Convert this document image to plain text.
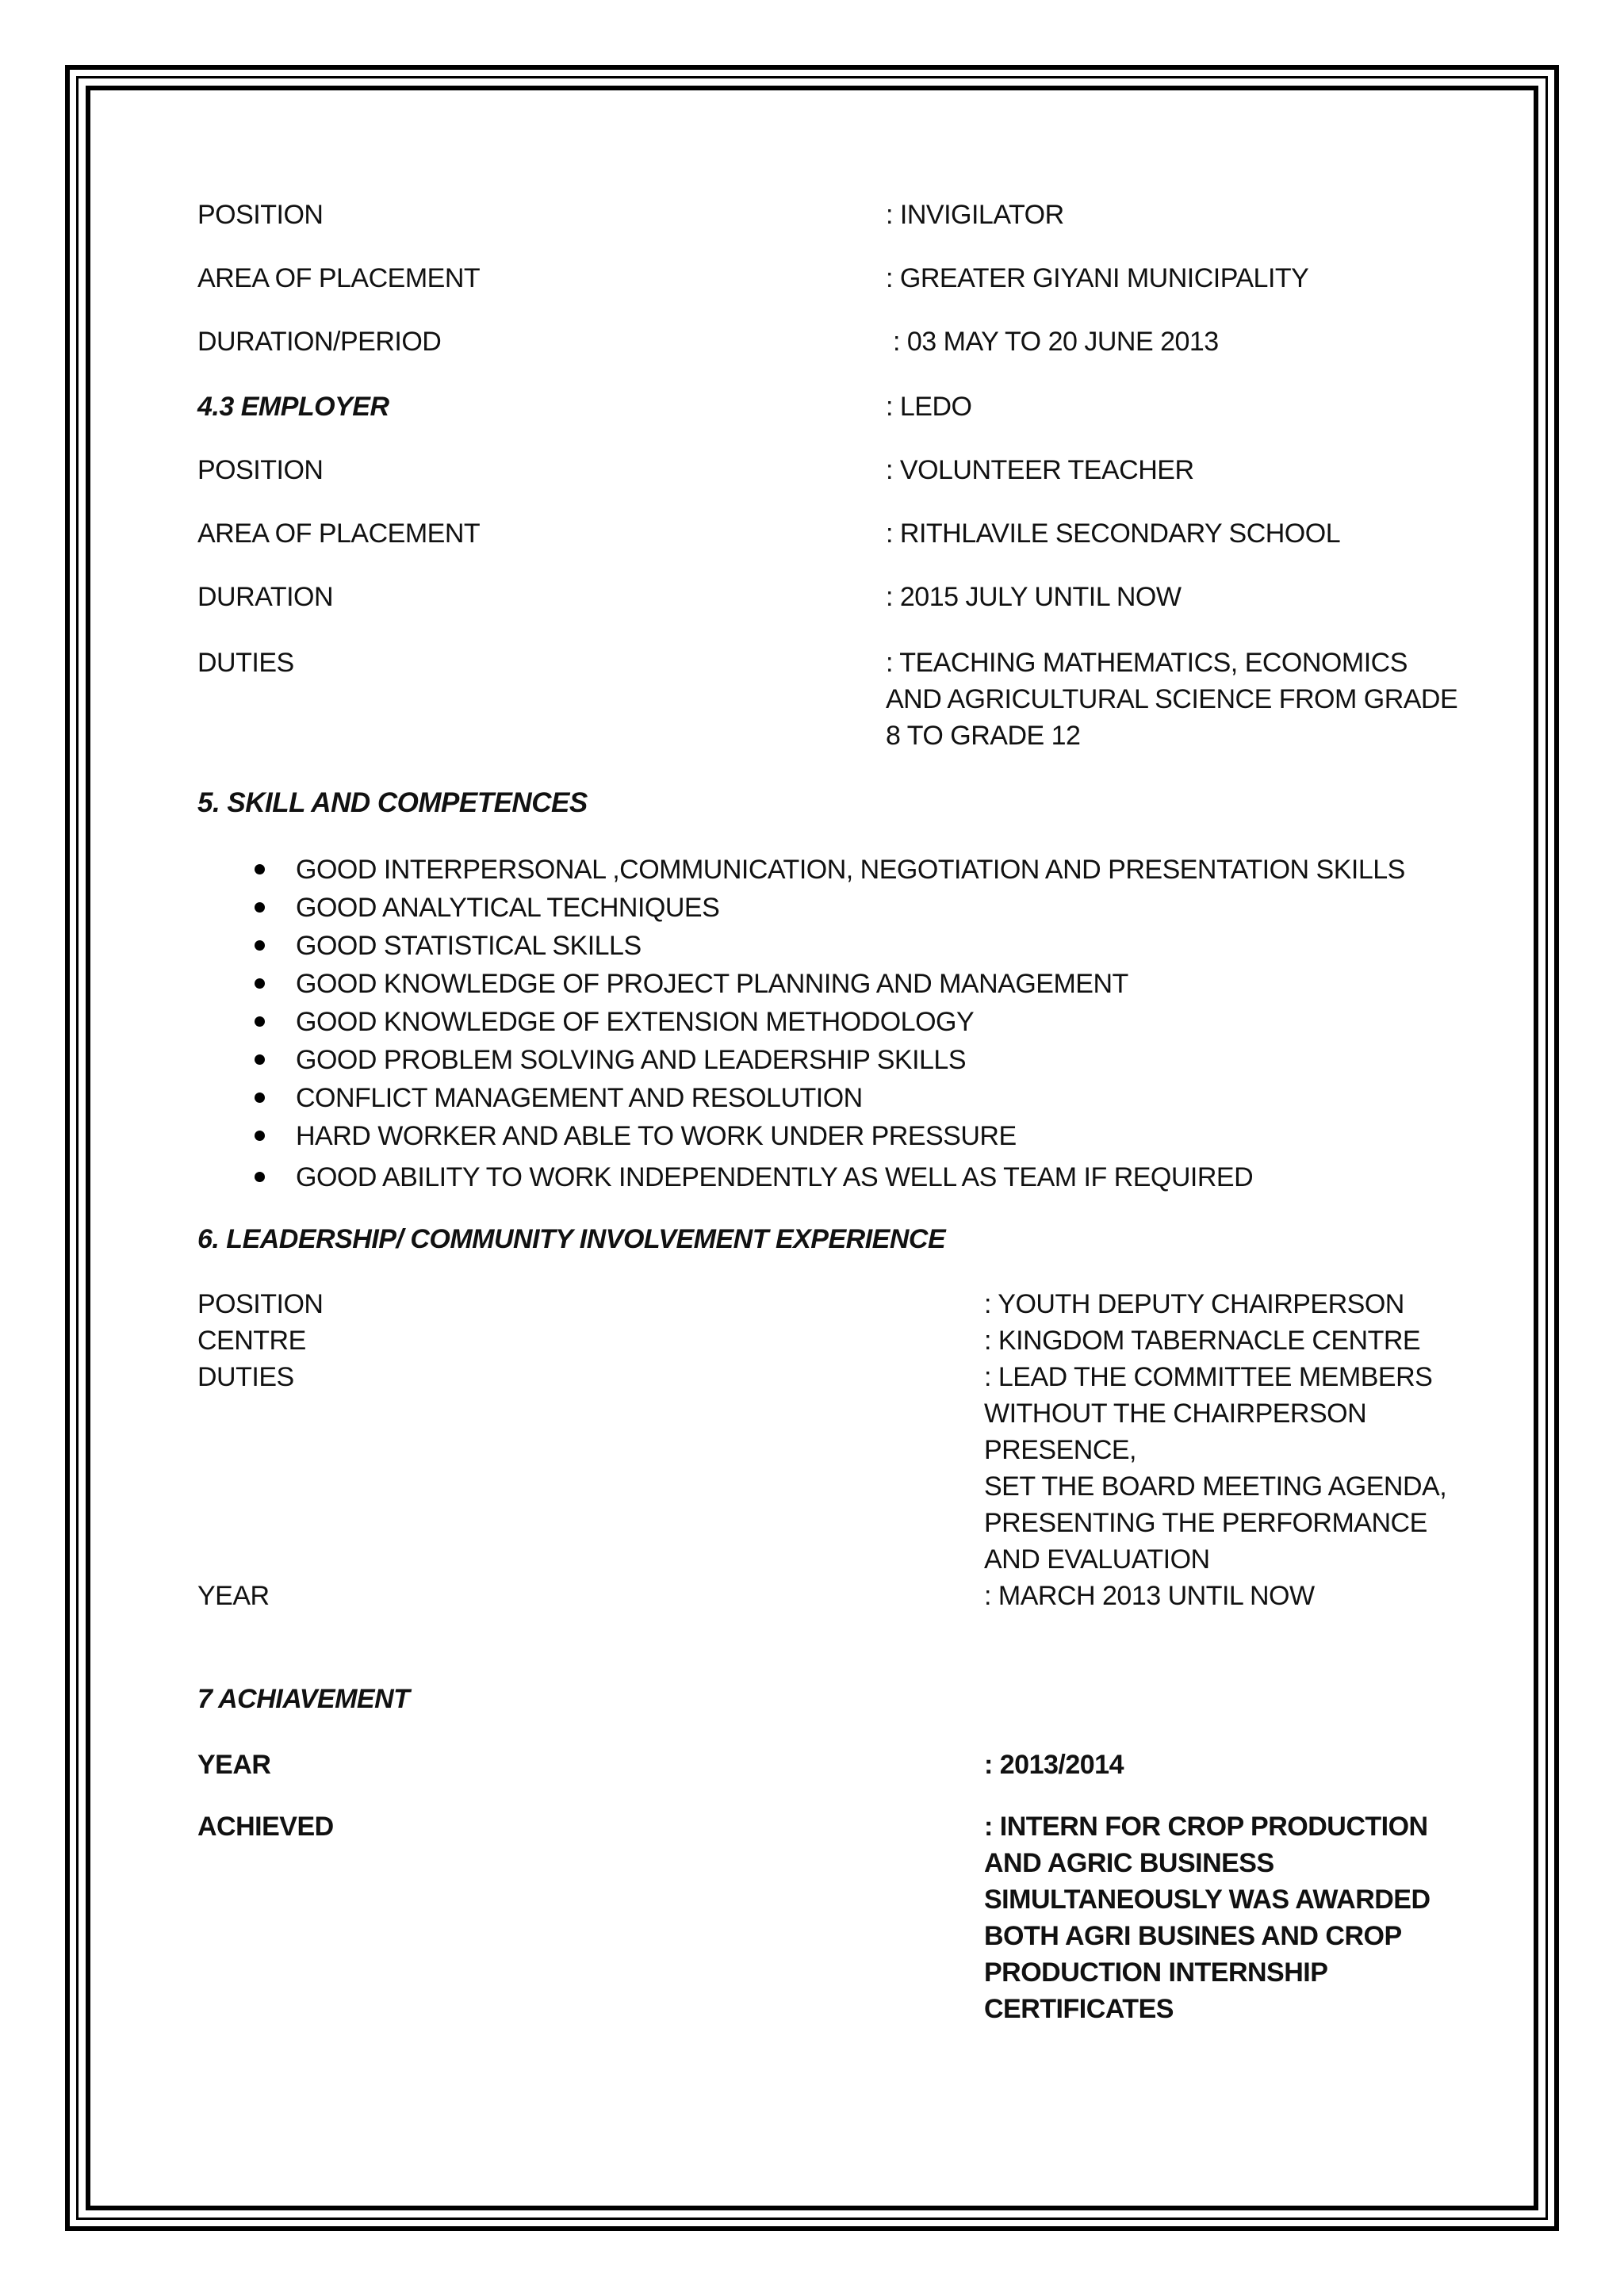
POSITION	: INVIGILATOR
AREA OF PLACEMENT	: GREATER GIYANI MUNICIPALITY
DURATION/PERIOD	: 03 MAY TO 20 JUNE 2013
4.3 EMPLOYER	: LEDO
POSITION	: VOLUNTEER TEACHER
AREA OF PLACEMENT	: RITHLAVILE SECONDARY SCHOOL
DURATION	: 2015 JULY UNTIL NOW
DUTIES	: TEACHING MATHEMATICS, ECONOMICS
AND AGRICULTURAL SCIENCE FROM GRADE
8 TO GRADE 12
5. SKILL AND COMPETENCES
GOOD INTERPERSONAL ,COMMUNICATION, NEGOTIATION AND PRESENTATION SKILLS
GOOD ANALYTICAL TECHNIQUES
GOOD STATISTICAL SKILLS
GOOD KNOWLEDGE OF PROJECT PLANNING AND MANAGEMENT
GOOD KNOWLEDGE OF EXTENSION METHODOLOGY
GOOD PROBLEM SOLVING AND LEADERSHIP SKILLS
CONFLICT MANAGEMENT AND RESOLUTION
HARD WORKER AND ABLE TO WORK UNDER PRESSURE
GOOD ABILITY TO WORK INDEPENDENTLY AS WELL AS TEAM IF REQUIRED
6. LEADERSHIP/ COMMUNITY INVOLVEMENT EXPERIENCE
POSITION	: YOUTH DEPUTY CHAIRPERSON
CENTRE	: KINGDOM TABERNACLE CENTRE
DUTIES	: LEAD THE COMMITTEE MEMBERS
WITHOUT THE CHAIRPERSON
PRESENCE,
SET THE BOARD MEETING AGENDA,
PRESENTING THE PERFORMANCE
AND EVALUATION
YEAR	: MARCH 2013 UNTIL NOW
7 ACHIAVEMENT
YEAR	: 2013/2014
ACHIEVED	: INTERN FOR CROP PRODUCTION
AND AGRIC BUSINESS
SIMULTANEOUSLY WAS AWARDED
BOTH AGRI BUSINES AND CROP
PRODUCTION INTERNSHIP
CERTIFICATES
